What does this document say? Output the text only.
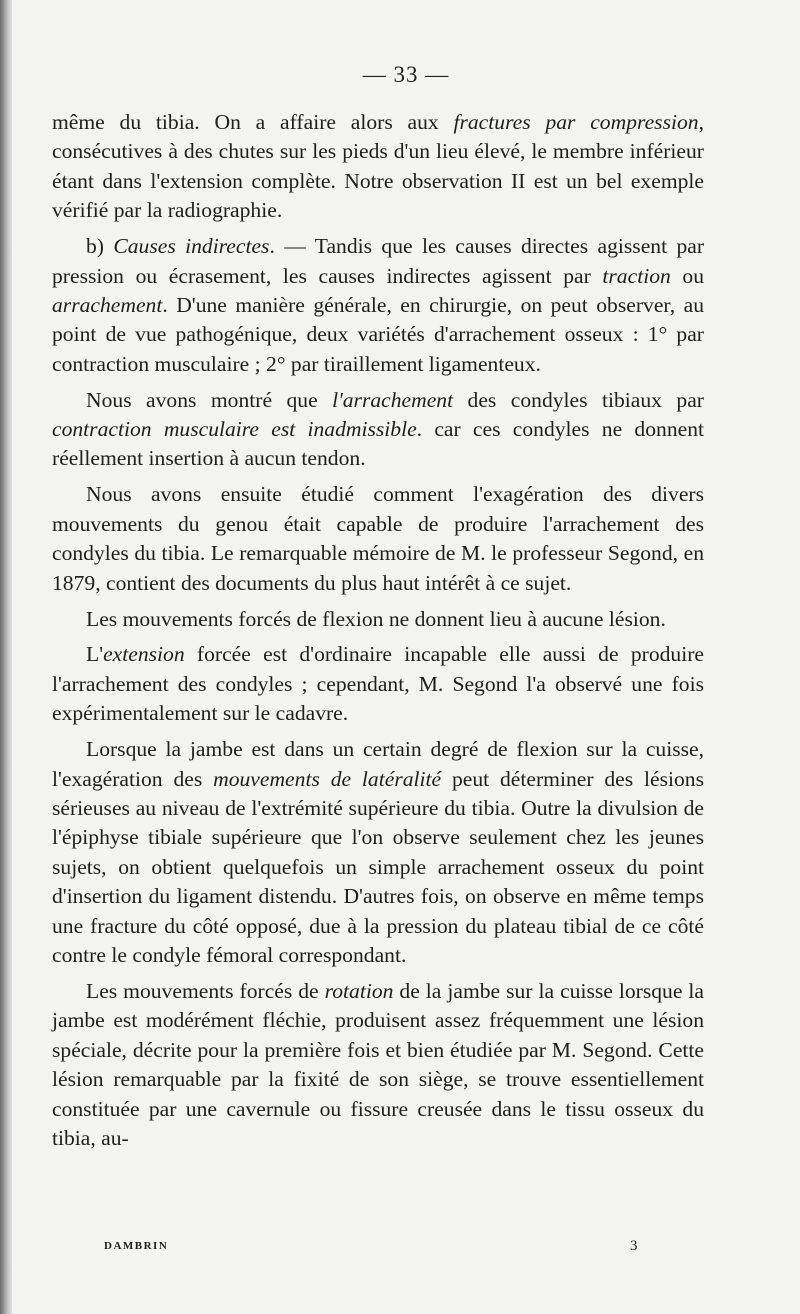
— 33 —

même du tibia. On a affaire alors aux fractures par compression, consécutives à des chutes sur les pieds d'un lieu élevé, le membre inférieur étant dans l'extension complète. Notre observation II est un bel exemple vérifié par la radiographie.

b) Causes indirectes. — Tandis que les causes directes agissent par pression ou écrasement, les causes indirectes agissent par traction ou arrachement. D'une manière générale, en chirurgie, on peut observer, au point de vue pathogénique, deux variétés d'arrachement osseux : 1° par contraction musculaire ; 2° par tiraillement ligamenteux.

Nous avons montré que l'arrachement des condyles tibiaux par contraction musculaire est inadmissible. car ces condyles ne donnent réellement insertion à aucun tendon.

Nous avons ensuite étudié comment l'exagération des divers mouvements du genou était capable de produire l'arrachement des condyles du tibia. Le remarquable mémoire de M. le professeur Segond, en 1879, contient des documents du plus haut intérêt à ce sujet.

Les mouvements forcés de flexion ne donnent lieu à aucune lésion.

L'extension forcée est d'ordinaire incapable elle aussi de produire l'arrachement des condyles ; cependant, M. Segond l'a observé une fois expérimentalement sur le cadavre.

Lorsque la jambe est dans un certain degré de flexion sur la cuisse, l'exagération des mouvements de latéralité peut déterminer des lésions sérieuses au niveau de l'extrémité supérieure du tibia. Outre la divulsion de l'épiphyse tibiale supérieure que l'on observe seulement chez les jeunes sujets, on obtient quelquefois un simple arrachement osseux du point d'insertion du ligament distendu. D'autres fois, on observe en même temps une fracture du côté opposé, due à la pression du plateau tibial de ce côté contre le condyle fémoral correspondant.

Les mouvements forcés de rotation de la jambe sur la cuisse lorsque la jambe est modérément fléchie, produisent assez fréquemment une lésion spéciale, décrite pour la première fois et bien étudiée par M. Segond. Cette lésion remarquable par la fixité de son siège, se trouve essentiellement constituée par une cavernule ou fissure creusée dans le tissu osseux du tibia, au-

DAMBRIN	3
